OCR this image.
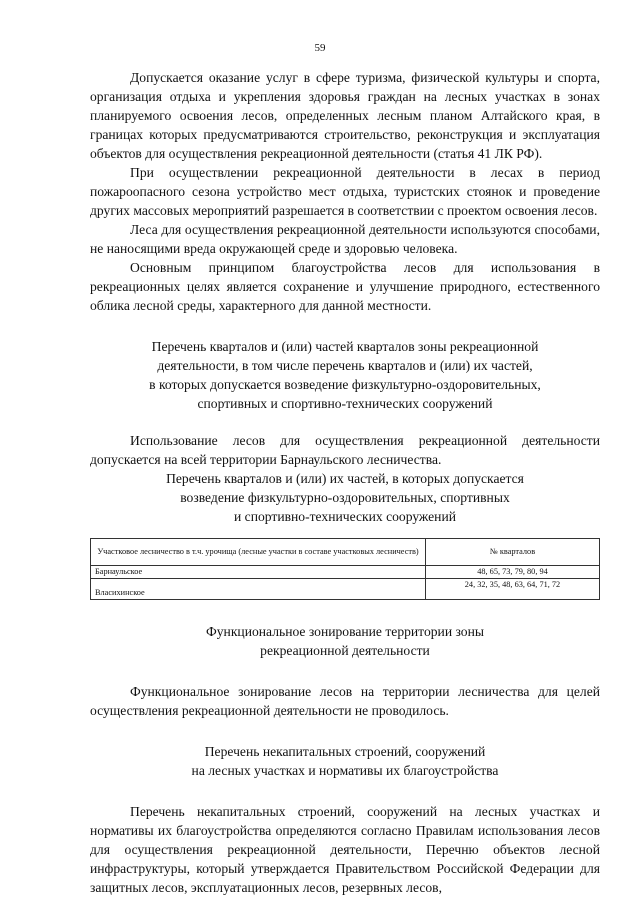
59

Допускается оказание услуг в сфере туризма, физической культуры и спорта, организация отдыха и укрепления здоровья граждан на лесных участках в зонах планируемого освоения лесов, определенных лесным планом Алтайского края, в границах которых предусматриваются строительство, реконструкция и эксплуатация объектов для осуществления рекреационной деятельности (статья 41 ЛК РФ).

При осуществлении рекреационной деятельности в лесах в период пожароопасного сезона устройство мест отдыха, туристских стоянок и проведение других массовых мероприятий разрешается в соответствии с проектом освоения лесов.

Леса для осуществления рекреационной деятельности используются способами, не наносящими вреда окружающей среде и здоровью человека.

Основным принципом благоустройства лесов для использования в рекреационных целях является сохранение и улучшение природного, естественного облика лесной среды, характерного для данной местности.

Перечень кварталов и (или) частей кварталов зоны рекреационной
деятельности, в том числе перечень кварталов и (или) их частей,
в которых допускается возведение физкультурно-оздоровительных,
спортивных и спортивно-технических сооружений

Использование лесов для осуществления рекреационной деятельности допускается на всей территории Барнаульского лесничества.

Перечень кварталов и (или) их частей, в которых допускается
возведение физкультурно-оздоровительных, спортивных
и спортивно-технических сооружений
Участковое лесничество в т.ч. урочища (лесные участки в составе участковых лесничеств)	№ кварталов
Барнаульское	48, 65, 73, 79, 80, 94
Власихинское	24, 32, 35, 48, 63, 64, 71, 72
Функциональное зонирование территории зоны
рекреационной деятельности

Функциональное зонирование лесов на территории лесничества для целей осуществления рекреационной деятельности не проводилось.

Перечень некапитальных строений, сооружений
на лесных участках и нормативы их благоустройства

Перечень некапитальных строений, сооружений на лесных участках и нормативы их благоустройства определяются согласно Правилам использования лесов для осуществления рекреационной деятельности, Перечню объектов лесной инфраструктуры, который утверждается Правительством Российской Федерации для защитных лесов, эксплуатационных лесов, резервных лесов,
